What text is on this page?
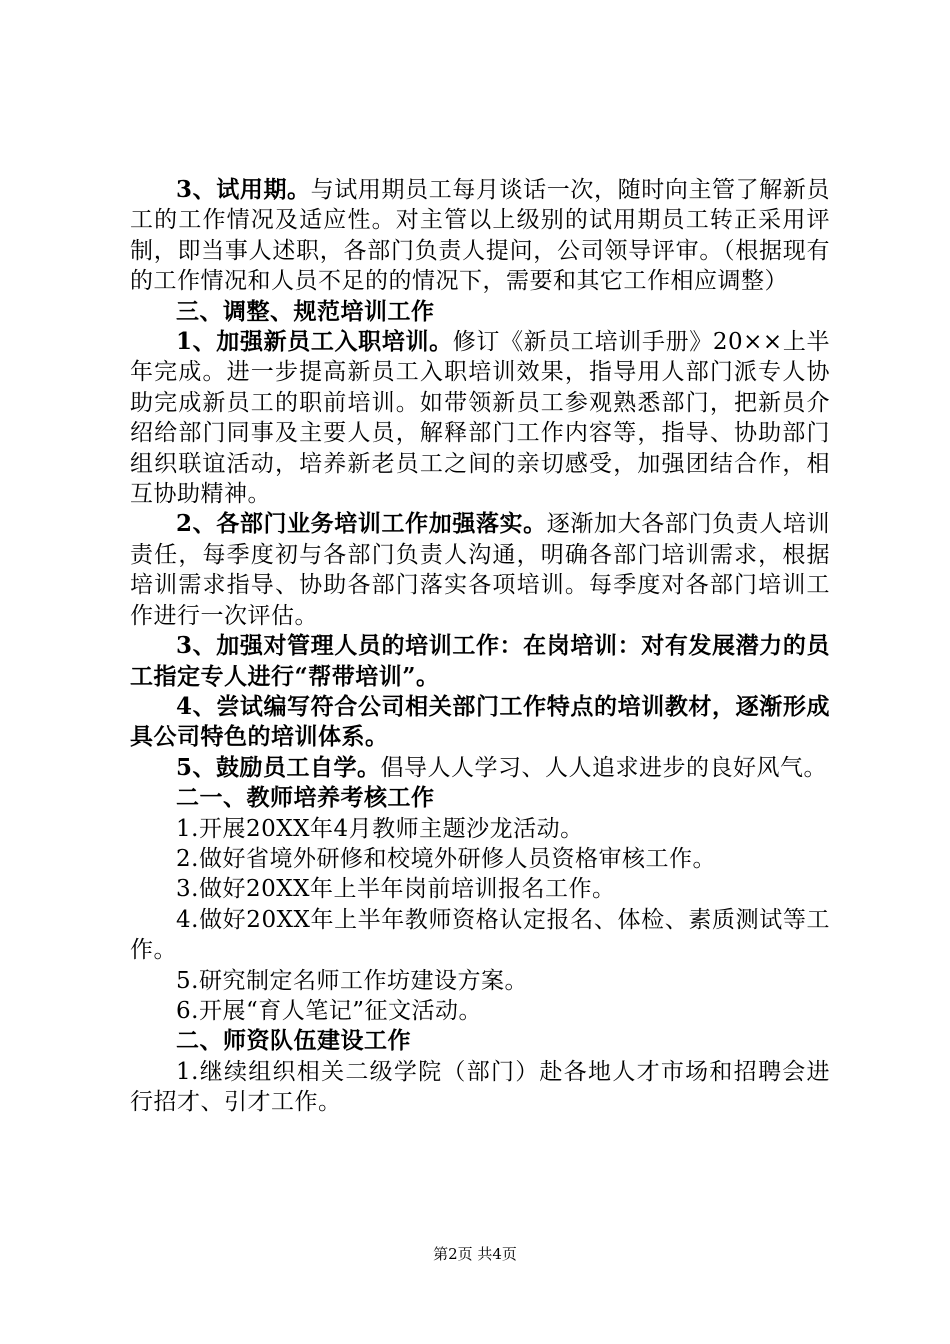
3、试用期。与试用期员工每月谈话一次，随时向主管了解新员工的工作情况及适应性。对主管以上级别的试用期员工转正采用评制，即当事人述职，各部门负责人提问，公司领导评审。（根据现有的工作情况和人员不足的的情况下，需要和其它工作相应调整）

三、调整、规范培训工作

1、加强新员工入职培训。修订《新员工培训手册》20××上半年完成。进一步提高新员工入职培训效果，指导用人部门派专人协助完成新员工的职前培训。如带领新员工参观熟悉部门，把新员介绍给部门同事及主要人员，解释部门工作内容等，指导、协助部门组织联谊活动，培养新老员工之间的亲切感受，加强团结合作，相互协助精神。

2、各部门业务培训工作加强落实。逐渐加大各部门负责人培训责任，每季度初与各部门负责人沟通，明确各部门培训需求，根据培训需求指导、协助各部门落实各项培训。每季度对各部门培训工作进行一次评估。

3、加强对管理人员的培训工作：在岗培训：对有发展潜力的员工指定专人进行“帮带培训”。

4、尝试编写符合公司相关部门工作特点的培训教材，逐渐形成具公司特色的培训体系。

5、鼓励员工自学。倡导人人学习、人人追求进步的良好风气。

二一、教师培养考核工作

1.开展20XX年4月教师主题沙龙活动。

2.做好省境外研修和校境外研修人员资格审核工作。

3.做好20XX年上半年岗前培训报名工作。

4.做好20XX年上半年教师资格认定报名、体检、素质测试等工作。

5.研究制定名师工作坊建设方案。

6.开展“育人笔记”征文活动。

二、师资队伍建设工作

1.继续组织相关二级学院（部门）赴各地人才市场和招聘会进行招才、引才工作。

第2页 共4页
